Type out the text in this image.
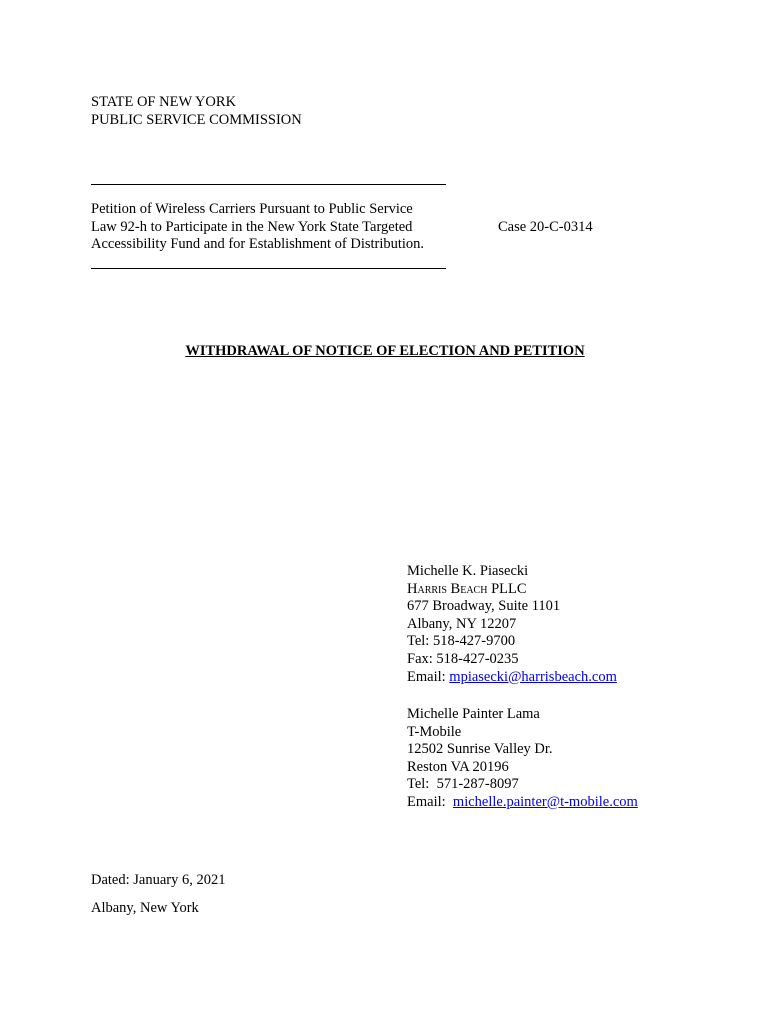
STATE OF NEW YORK
PUBLIC SERVICE COMMISSION
Petition of Wireless Carriers Pursuant to Public Service
Law 92-h to Participate in the New York State Targeted
Accessibility Fund and for Establishment of Distribution.
Case 20-C-0314
WITHDRAWAL OF NOTICE OF ELECTION AND PETITION
Michelle K. Piasecki
Harris Beach PLLC
677 Broadway, Suite 1101
Albany, NY 12207
Tel: 518-427-9700
Fax: 518-427-0235
Email: mpiasecki@harrisbeach.com
Michelle Painter Lama
T-Mobile
12502 Sunrise Valley Dr.
Reston VA 20196
Tel:  571-287-8097
Email:  michelle.painter@t-mobile.com
Dated: January 6, 2021
Albany, New York
